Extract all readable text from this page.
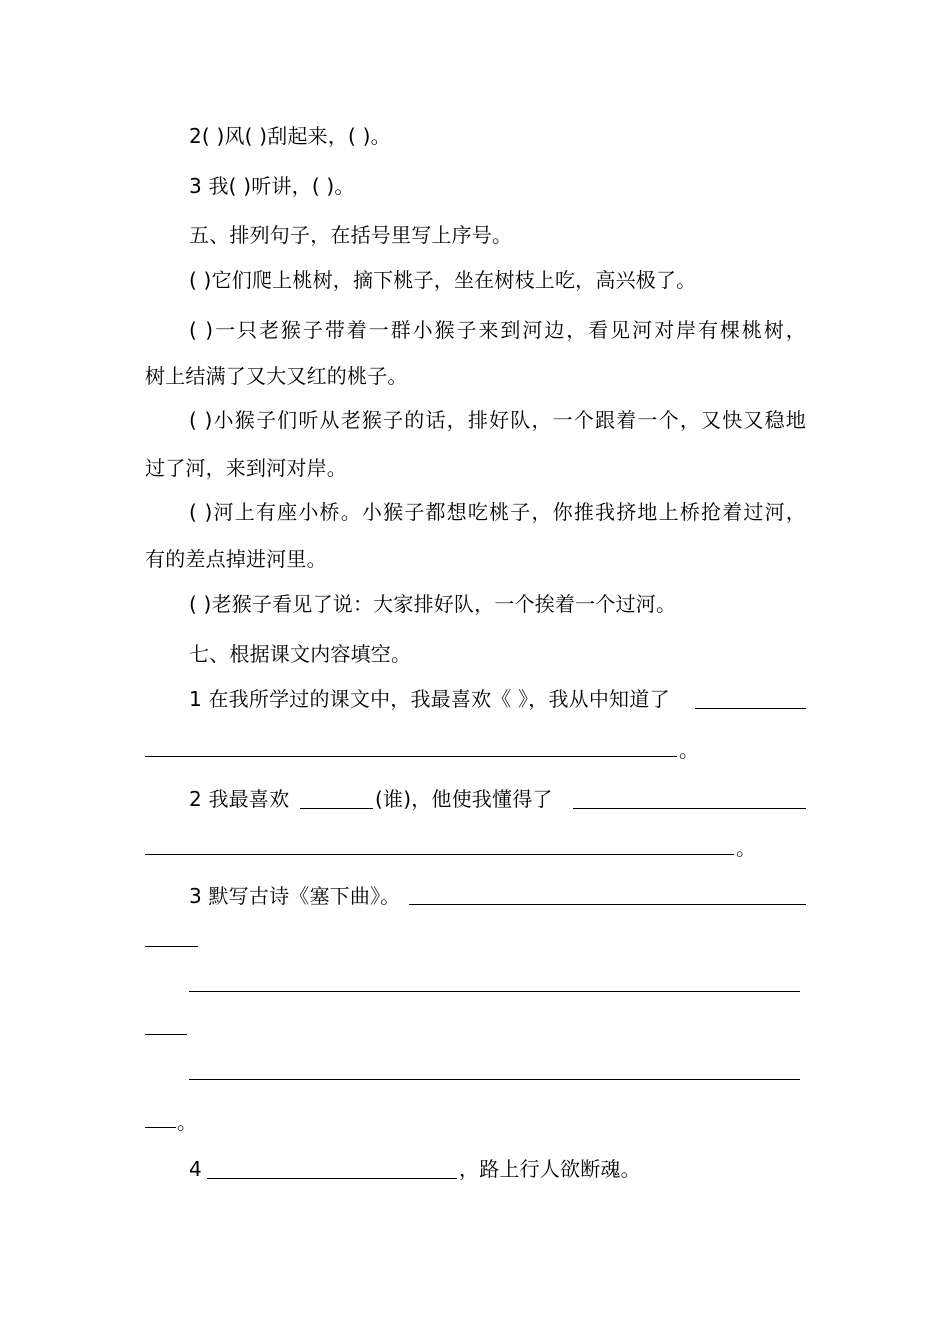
2( )风( )刮起来，( )。
3 我( )听讲，( )。
五、排列句子，在括号里写上序号。
( )它们爬上桃树，摘下桃子，坐在树枝上吃，高兴极了。
( )一只老猴子带着一群小猴子来到河边，看见河对岸有棵桃树，
树上结满了又大又红的桃子。
( )小猴子们听从老猴子的话，排好队，一个跟着一个，又快又稳地
过了河，来到河对岸。
( )河上有座小桥。小猴子都想吃桃子，你推我挤地上桥抢着过河，
有的差点掉进河里。
( )老猴子看见了说：大家排好队，一个挨着一个过河。
七、根据课文内容填空。
1 在我所学过的课文中，我最喜欢《 》，我从中知道了
。
2 我最喜欢	(谁)，他使我懂得了
。
3 默写古诗《塞下曲》。
。
4	，路上行人欲断魂。
